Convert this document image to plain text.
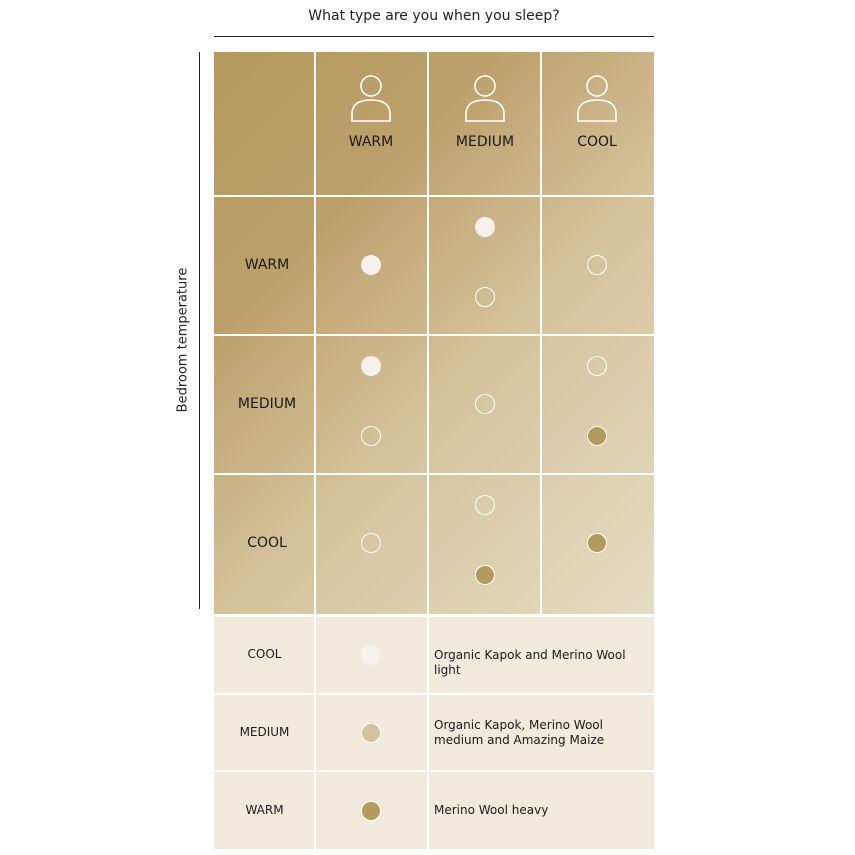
What type are you when you sleep?
Bedroom temperature
WARM	MEDIUM	COOL
WARM
MEDIUM
COOL
COOL	Organic Kapok and Merino Wool light
MEDIUM	Organic Kapok, Merino Wool medium and Amazing Maize
WARM	Merino Wool heavy
